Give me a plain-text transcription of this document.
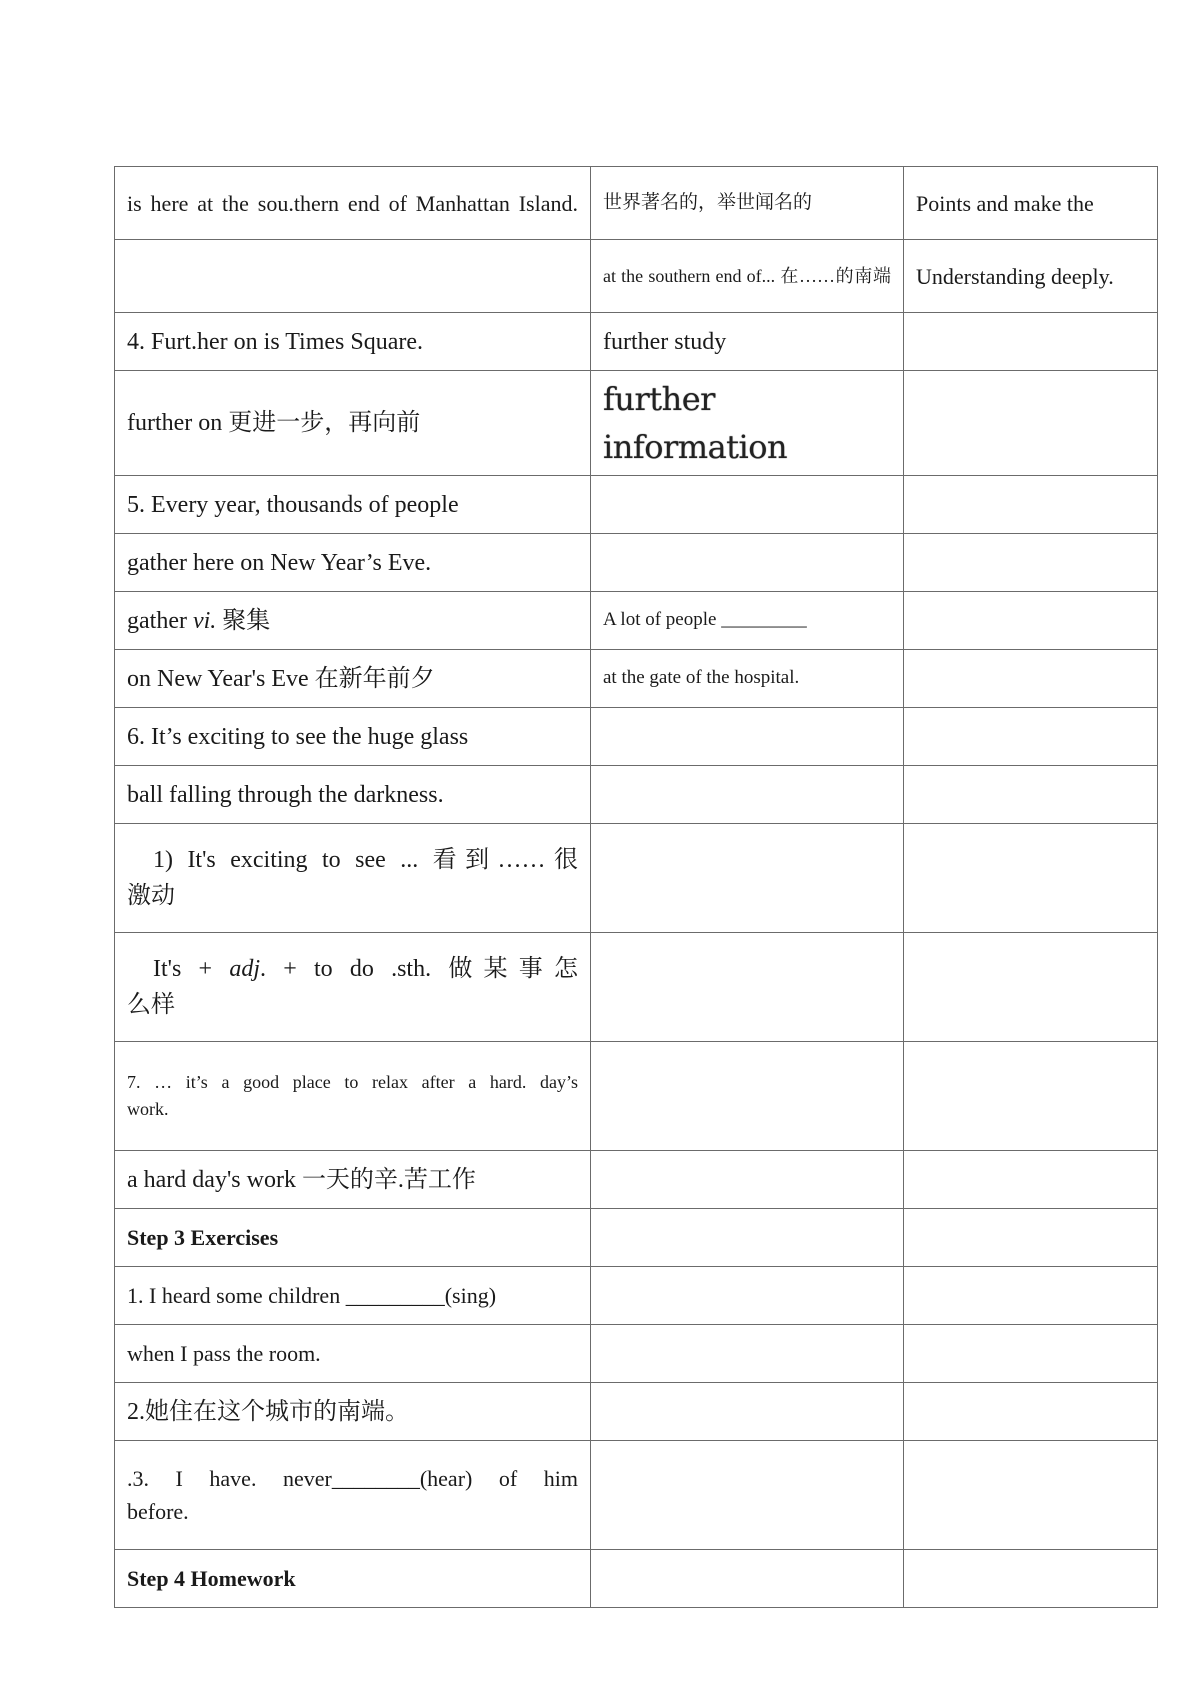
is here at the sou.thern end of Manhattan Island.	世界著名的，举世闻名的	Points and make the
	at the southern end of... 在……的南端	Understanding deeply.
4. Furt.her on is Times Square.	further study	
further on 更进一步，再向前	further information	
5. Every year, thousands of people		
gather here on New Year’s Eve.		
gather vi. 聚集	A lot of people _________	
on New Year's Eve 在新年前夕	at the gate of the hospital.	
6. It’s exciting to see the huge glass		
ball falling through the darkness.		

1) It's exciting to see ... 看到……很
激动		

It's + adj. + to do .sth. 做某事怎
么样		

7. … it’s a good place to relax after a hard. day’s
work.		

a hard day's work 一天的辛.苦工作		
Step 3 Exercises		
1. I heard some children _________(sing)		
when I pass the room.		
2.她住在这个城市的南端。		

.3. I have. never________(hear) of him
before.		

Step 4 Homework		
